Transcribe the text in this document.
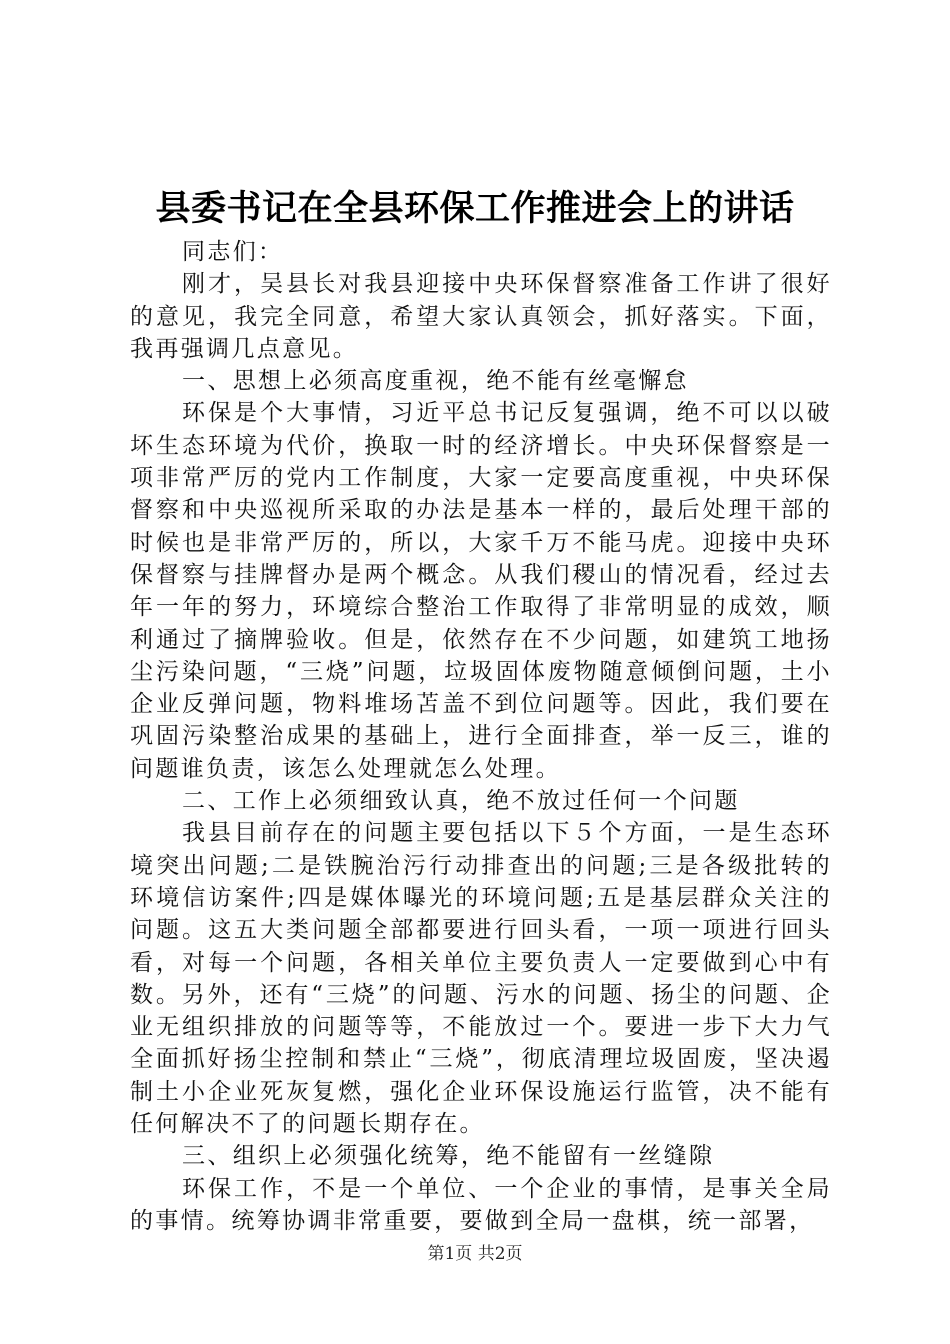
县委书记在全县环保工作推进会上的讲话

同志们：

刚才，吴县长对我县迎接中央环保督察准备工作讲了很好的意见，我完全同意，希望大家认真领会，抓好落实。下面，我再强调几点意见。

一、思想上必须高度重视，绝不能有丝毫懈怠

环保是个大事情，习近平总书记反复强调，绝不可以以破坏生态环境为代价，换取一时的经济增长。中央环保督察是一项非常严厉的党内工作制度，大家一定要高度重视，中央环保督察和中央巡视所采取的办法是基本一样的，最后处理干部的时候也是非常严厉的，所以，大家千万不能马虎。迎接中央环保督察与挂牌督办是两个概念。从我们稷山的情况看，经过去年一年的努力，环境综合整治工作取得了非常明显的成效，顺利通过了摘牌验收。但是，依然存在不少问题，如建筑工地扬尘污染问题，“三烧”问题，垃圾固体废物随意倾倒问题，土小企业反弹问题，物料堆场苫盖不到位问题等。因此，我们要在巩固污染整治成果的基础上，进行全面排查，举一反三，谁的问题谁负责，该怎么处理就怎么处理。

二、工作上必须细致认真，绝不放过任何一个问题

我县目前存在的问题主要包括以下５个方面，一是生态环境突出问题;二是铁腕治污行动排查出的问题;三是各级批转的环境信访案件;四是媒体曝光的环境问题;五是基层群众关注的问题。这五大类问题全部都要进行回头看，一项一项进行回头看，对每一个问题，各相关单位主要负责人一定要做到心中有数。另外，还有“三烧”的问题、污水的问题、扬尘的问题、企业无组织排放的问题等等，不能放过一个。要进一步下大力气全面抓好扬尘控制和禁止“三烧”，彻底清理垃圾固废，坚决遏制土小企业死灰复燃，强化企业环保设施运行监管，决不能有任何解决不了的问题长期存在。

三、组织上必须强化统筹，绝不能留有一丝缝隙

环保工作，不是一个单位、一个企业的事情，是事关全局的事情。统筹协调非常重要，要做到全局一盘棋，统一部署，

第1页 共2页
